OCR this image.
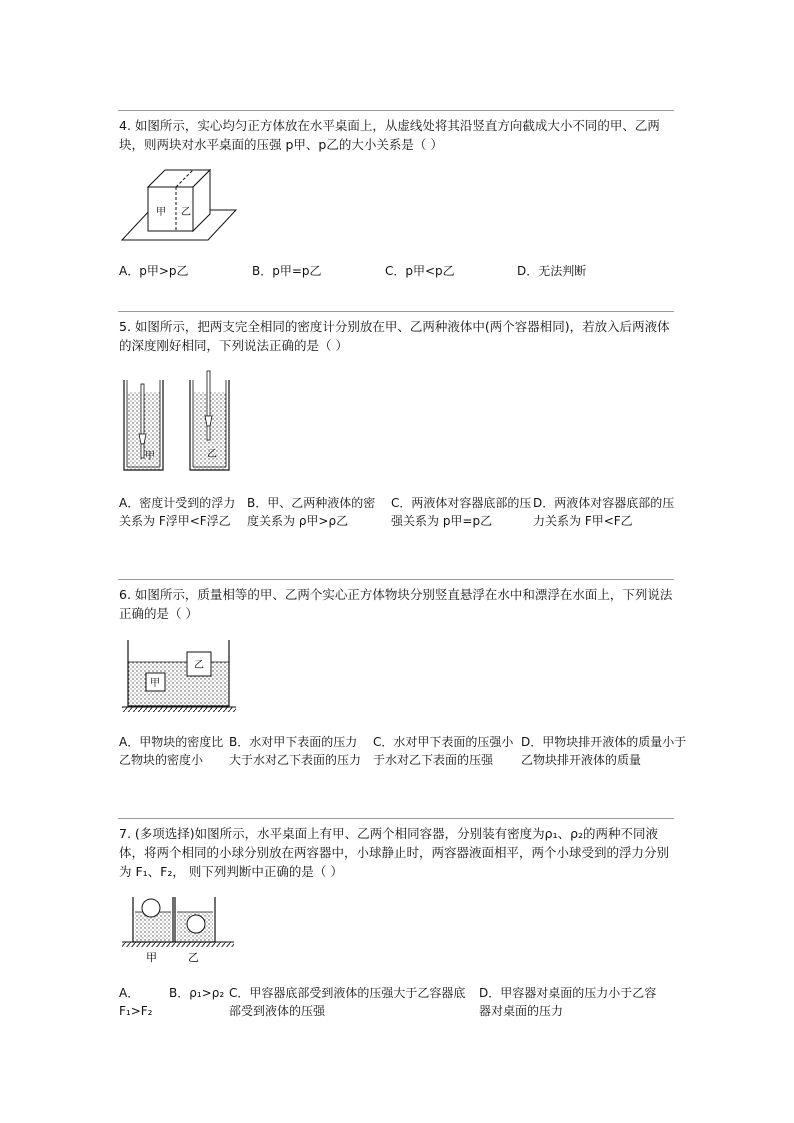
4. 如图所示，实心均匀正方体放在水平桌面上，从虚线处将其沿竖直方向截成大小不同的甲、乙两块，则两块对水平桌面的压强 p甲、p乙的大小关系是（ ）

甲 乙
A．p甲>p乙	B．p甲=p乙	C．p甲<p乙	D．无法判断

5. 如图所示，把两支完全相同的密度计分别放在甲、乙两种液体中(两个容器相同)，若放入后两液体的深度刚好相同，下列说法正确的是（ ）

甲	乙
A．密度计受到的浮力关系为 F浮甲<F浮乙
B．甲、乙两种液体的密度关系为 ρ甲>ρ乙
C．两液体对容器底部的压强关系为 p甲=p乙
D．两液体对容器底部的压力关系为 F甲<F乙

6. 如图所示，质量相等的甲、乙两个实心正方体物块分别竖直悬浮在水中和漂浮在水面上，下列说法正确的是（ ）

甲
乙
A．甲物块的密度比乙物块的密度小
B．水对甲下表面的压力大于水对乙下表面的压力
C．水对甲下表面的压强小于水对乙下表面的压强
D．甲物块排开液体的质量小于乙物块排开液体的质量

7. (多项选择)如图所示，水平桌面上有甲、乙两个相同容器，分别装有密度为ρ₁、ρ₂的两种不同液体，将两个相同的小球分别放在两容器中，小球静止时，两容器液面相平，两个小球受到的浮力分别为 F₁、F₂， 则下列判断中正确的是（ ）

甲	乙
A．F₁>F₂
B．ρ₁>ρ₂ C．甲容器底部受到液体的压强大于乙容器底部受到液体的压强
D．甲容器对桌面的压力小于乙容器对桌面的压力
